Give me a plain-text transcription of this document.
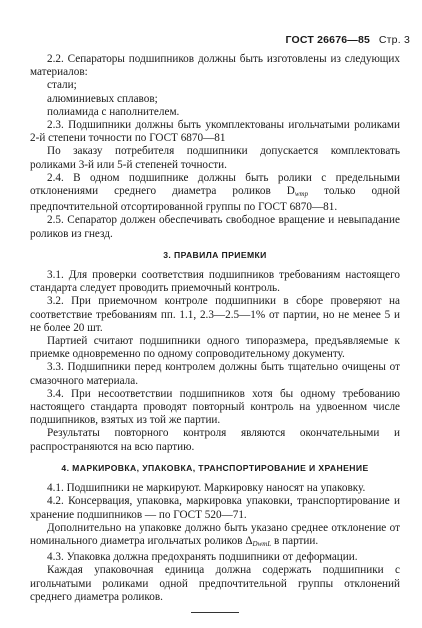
ГОСТ 26676—85 Стр. 3

2.2. Сепараторы подшипников должны быть изготовлены из следующих материалов:

стали;

алюминиевых сплавов;

полиамида с наполнителем.

2.3. Подшипники должны быть укомплектованы игольчатыми роликами 2-й степени точности по ГОСТ 6870—81

По заказу потребителя подшипники допускается комплектовать роликами 3-й или 5-й степеней точности.

2.4. В одном подшипнике должны быть ролики с предельными отклонениями среднего диаметра роликов $D_{wmp}$ только одной предпочтительной отсортированной группы по ГОСТ 6870—81.

2.5. Сепаратор должен обеспечивать свободное вращение и невыпадание роликов из гнезд.

3. ПРАВИЛА ПРИЕМКИ

3.1. Для проверки соответствия подшипников требованиям настоящего стандарта следует проводить приемочный контроль.

3.2. При приемочном контроле подшипники в сборе проверяют на соответствие требованиям пп. 1.1, 2.3—2.5—1% от партии, но не менее 5 и не более 20 шт.

Партией считают подшипники одного типоразмера, предъявляемые к приемке одновременно по одному сопроводительному документу.

3.3. Подшипники перед контролем должны быть тщательно очищены от смазочного материала.

3.4. При несоответствии подшипников хотя бы одному требованию настоящего стандарта проводят повторный контроль на удвоенном числе подшипников, взятых из той же партии.

Результаты повторного контроля являются окончательными и распространяются на всю партию.

4. МАРКИРОВКА, УПАКОВКА, ТРАНСПОРТИРОВАНИЕ И ХРАНЕНИЕ

4.1. Подшипники не маркируют. Маркировку наносят на упаковку.

4.2. Консервация, упаковка, маркировка упаковки, транспортирование и хранение подшипников — по ГОСТ 520—71.

Дополнительно на упаковке должно быть указано среднее отклонение от номинального диаметра игольчатых роликов $\Delta_{DwmL}$ в партии.

4.3. Упаковка должна предохранять подшипники от деформации.

Каждая упаковочная единица должна содержать подшипники с игольчатыми роликами одной предпочтительной группы отклонений среднего диаметра роликов.
